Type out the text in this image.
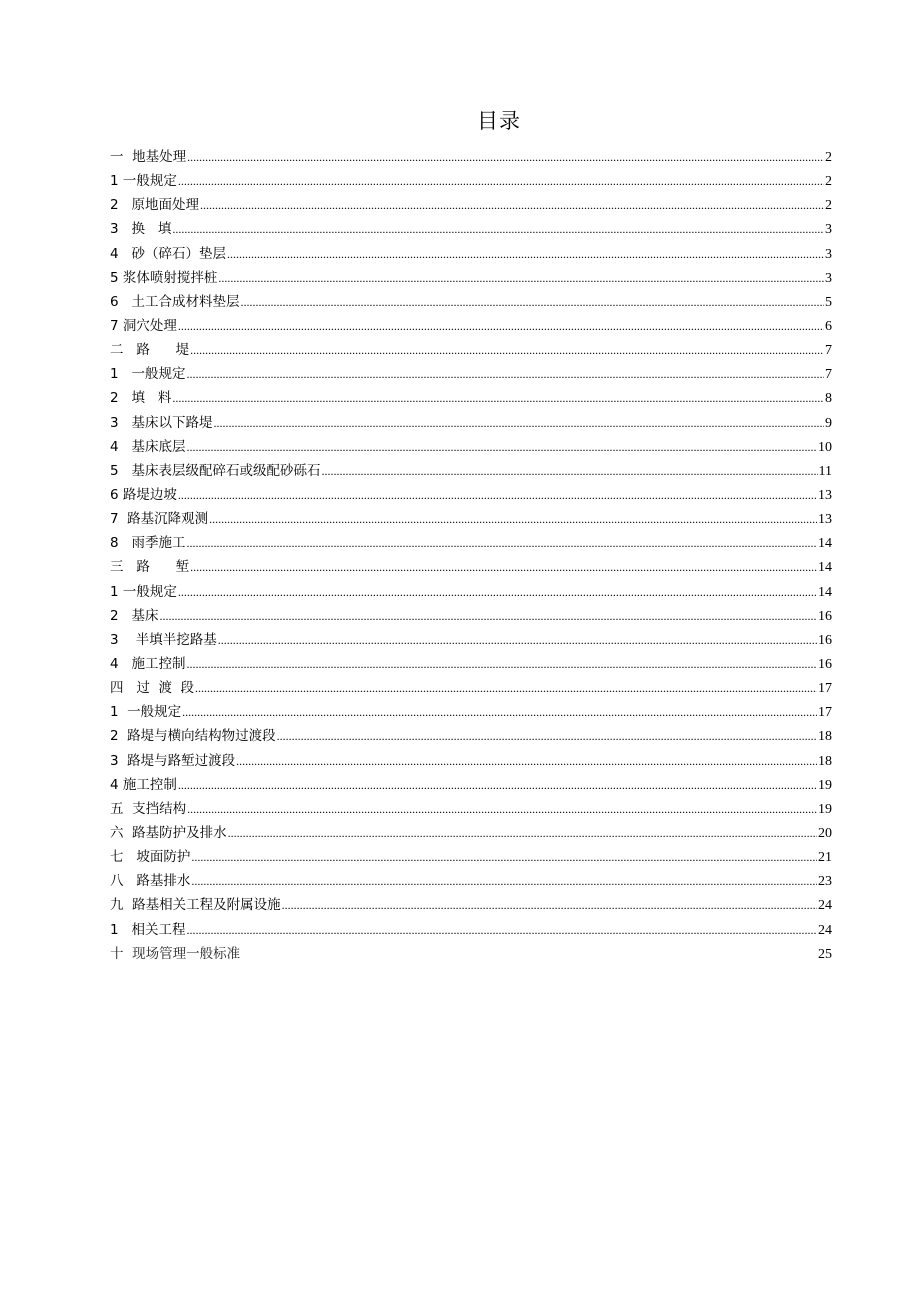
目录
一  地基处理 .....	2
1 一般规定 .....	2
2   原地面处理 .....	2
3   换   填 .....	3
4   砂（碎石）垫层 .....	3
5 浆体喷射搅拌桩 .....	3
6   土工合成材料垫层 .....	5
7 洞穴处理 .....	6
二   路      堤 .....	7
1   一般规定 .....	7
2   填   料 .....	8
3   基床以下路堤 .....	9
4   基床底层 .....	10
5   基床表层级配碎石或级配砂砾石 .....	11
6 路堤边坡 .....	13
7  路基沉降观测 .....	13
8   雨季施工 .....	14
三   路      堑 .....	14
1 一般规定 .....	14
2   基床 .....	16
3    半填半挖路基 .....	16
4   施工控制 .....	16
四   过  渡  段 .....	17
1  一般规定 .....	17
2  路堤与横向结构物过渡段 .....	18
3  路堤与路堑过渡段 .....	18
4 施工控制 .....	19
五  支挡结构 .....	19
六  路基防护及排水 .....	20
七   坡面防护 .....	21
八   路基排水 .....	23
九  路基相关工程及附属设施 .....	24
1   相关工程 .....	24
十  现场管理一般标准	25
